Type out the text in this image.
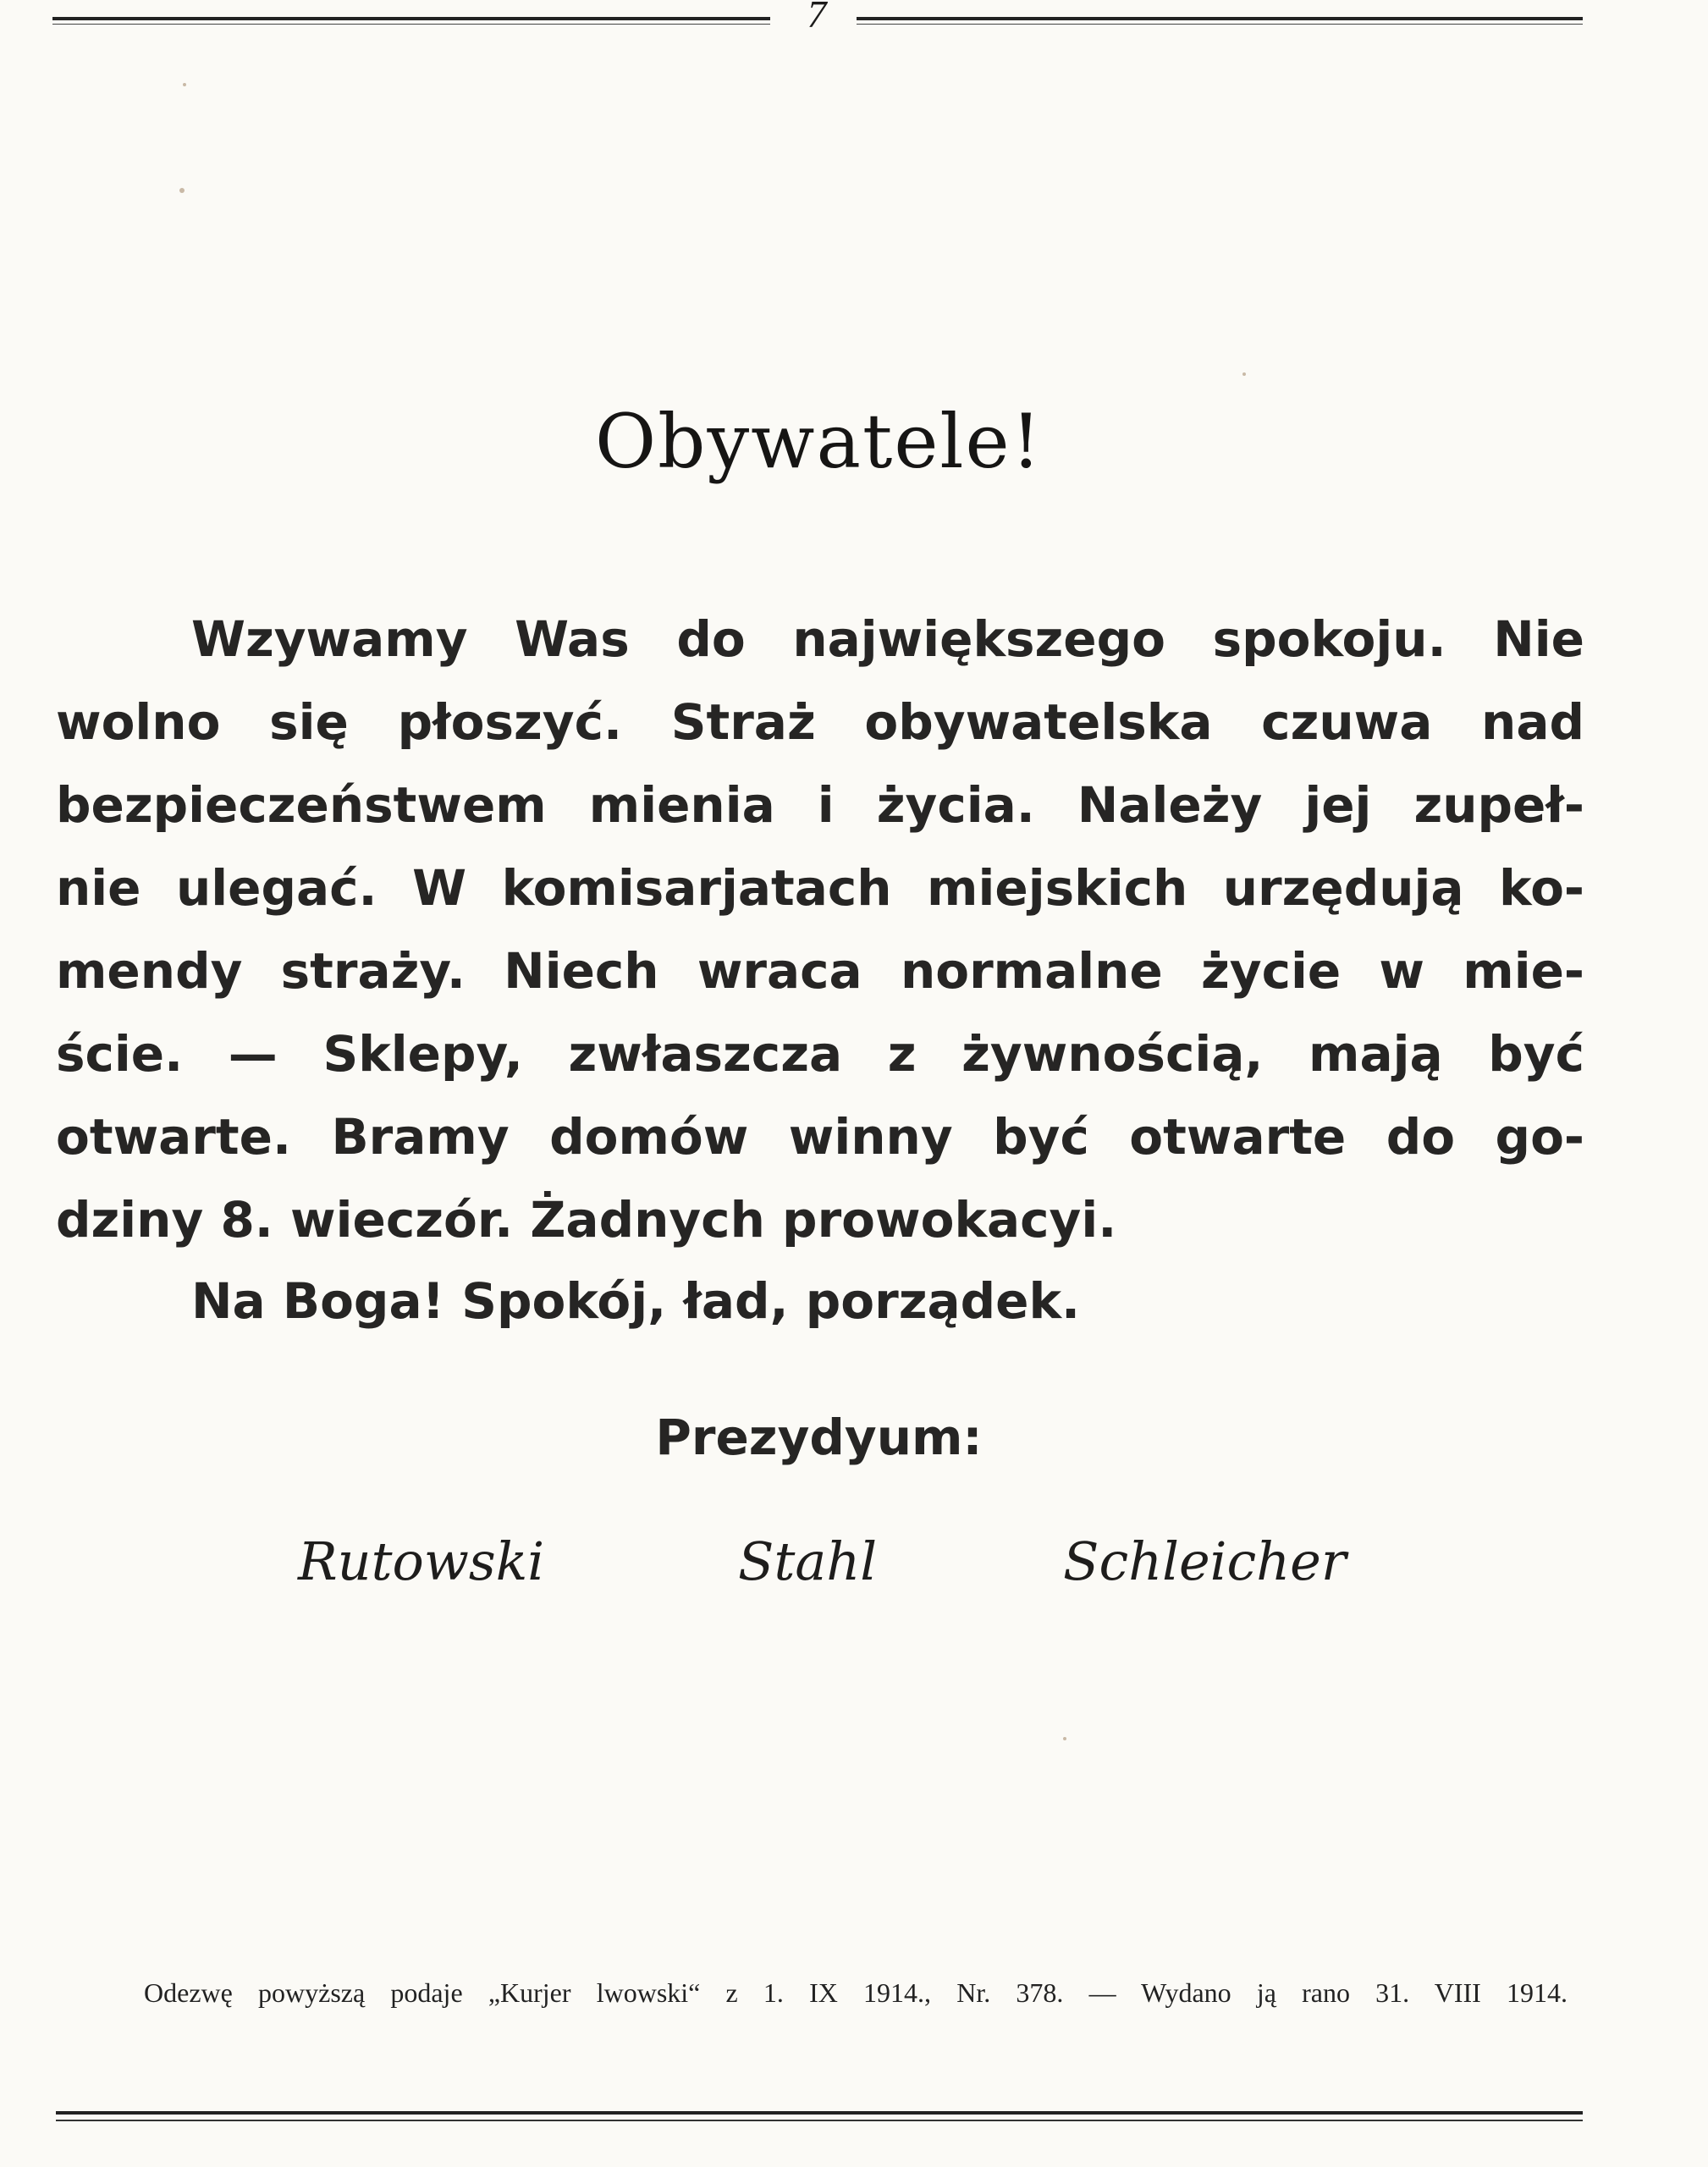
7
Obywatele!
Wzywamy Was do największego spokoju. Nie
wolno się płoszyć. Straż obywatelska czuwa nad
bezpieczeństwem mienia i życia. Należy jej zupeł-
nie ulegać. W komisarjatach miejskich urzędują ko-
mendy straży. Niech wraca normalne życie w mie-
ście. — Sklepy, zwłaszcza z żywnością, mają być
otwarte. Bramy domów winny być otwarte do go-
dziny 8. wieczór. Żadnych prowokacyi.
Na Boga! Spokój, ład, porządek.
Prezydyum:
Rutowski	Stahl	Schleicher
Odezwę powyższą podaje „Kurjer lwowski“ z 1. IX 1914., Nr. 378. — Wydano ją rano 31. VIII 1914.
